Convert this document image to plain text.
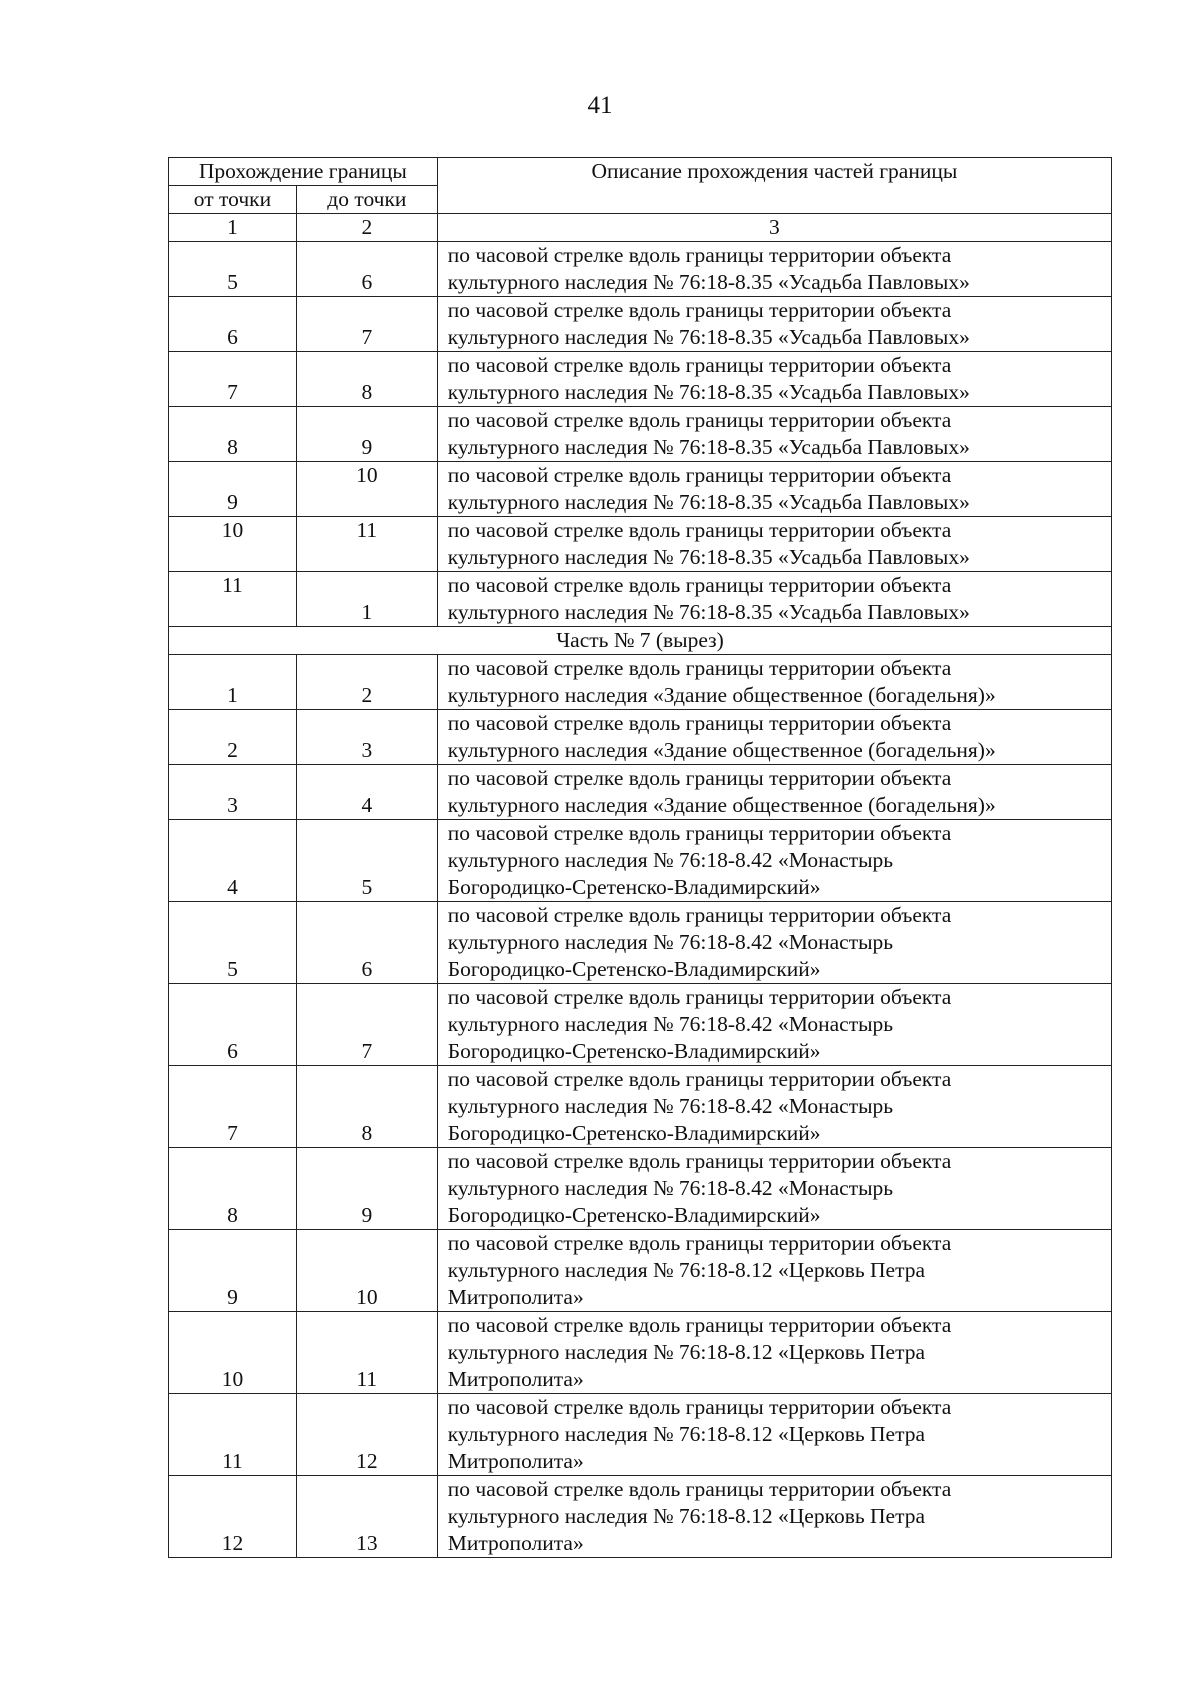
41
Прохождение границы		Описание прохождения частей границы
от точки	до точки	
1	2	3
5	6	по часовой стрелке вдоль границы территории объекта
культурного наследия № 76:18-8.35 «Усадьба Павловых»

6	7	по часовой стрелке вдоль границы территории объекта
культурного наследия № 76:18-8.35 «Усадьба Павловых»

7	8	по часовой стрелке вдоль границы территории объекта
культурного наследия № 76:18-8.35 «Усадьба Павловых»

8	9	по часовой стрелке вдоль границы территории объекта
культурного наследия № 76:18-8.35 «Усадьба Павловых»

9	10	по часовой стрелке вдоль границы территории объекта
культурного наследия № 76:18-8.35 «Усадьба Павловых»

10	11	по часовой стрелке вдоль границы территории объекта
культурного наследия № 76:18-8.35 «Усадьба Павловых»

11	1	по часовой стрелке вдоль границы территории объекта
культурного наследия № 76:18-8.35 «Усадьба Павловых»

Часть № 7 (вырез)		
1	2	по часовой стрелке вдоль границы территории объекта
культурного наследия «Здание общественное (богадельня)»

2	3	по часовой стрелке вдоль границы территории объекта
культурного наследия «Здание общественное (богадельня)»

3	4	по часовой стрелке вдоль границы территории объекта
культурного наследия «Здание общественное (богадельня)»

4	5	по часовой стрелке вдоль границы территории объекта
культурного наследия № 76:18-8.42 «Монастырь
Богородицко-Сретенско-Владимирский»

5	6	по часовой стрелке вдоль границы территории объекта
культурного наследия № 76:18-8.42 «Монастырь
Богородицко-Сретенско-Владимирский»

6	7	по часовой стрелке вдоль границы территории объекта
культурного наследия № 76:18-8.42 «Монастырь
Богородицко-Сретенско-Владимирский»

7	8	по часовой стрелке вдоль границы территории объекта
культурного наследия № 76:18-8.42 «Монастырь
Богородицко-Сретенско-Владимирский»

8	9	по часовой стрелке вдоль границы территории объекта
культурного наследия № 76:18-8.42 «Монастырь
Богородицко-Сретенско-Владимирский»

9	10	по часовой стрелке вдоль границы территории объекта
культурного наследия № 76:18-8.12 «Церковь Петра
Митрополита»

10	11	по часовой стрелке вдоль границы территории объекта
культурного наследия № 76:18-8.12 «Церковь Петра
Митрополита»

11	12	по часовой стрелке вдоль границы территории объекта
культурного наследия № 76:18-8.12 «Церковь Петра
Митрополита»

12	13	по часовой стрелке вдоль границы территории объекта
культурного наследия № 76:18-8.12 «Церковь Петра
Митрополита»
